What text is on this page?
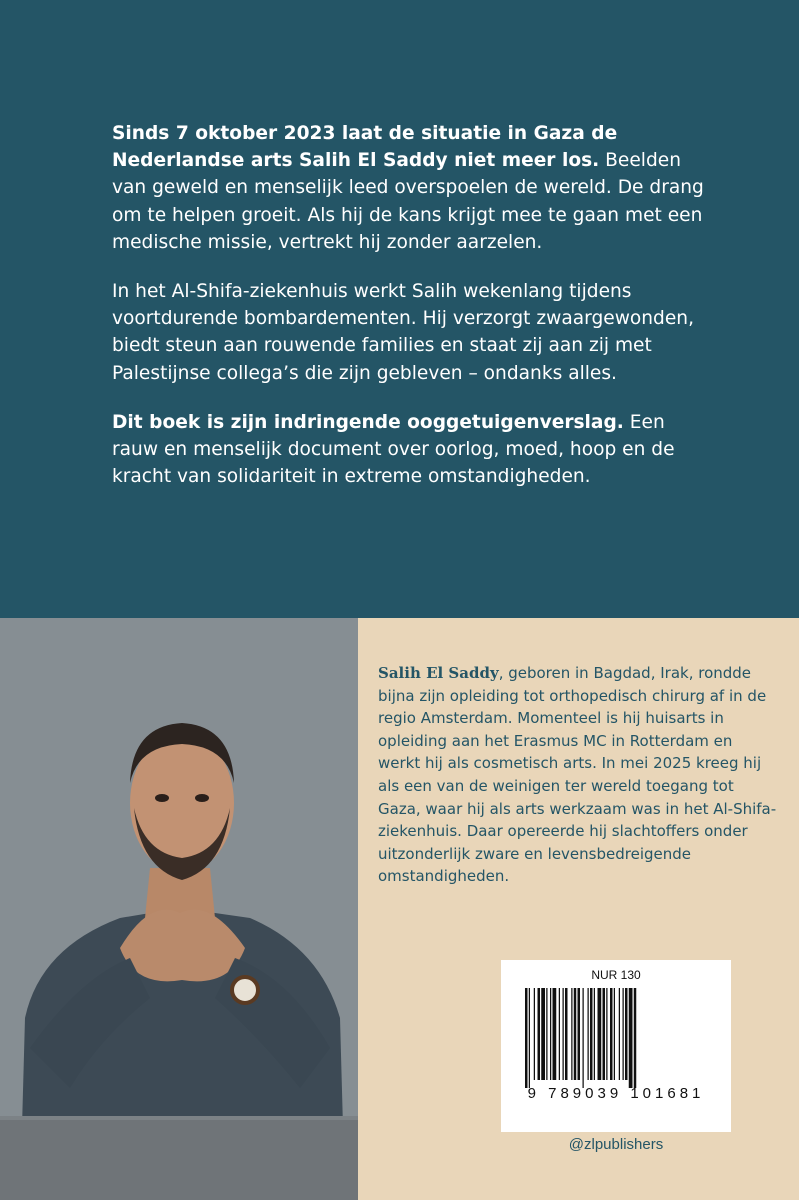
Sinds 7 oktober 2023 laat de situatie in Gaza de Nederlandse arts Salih El Saddy niet meer los. Beelden van geweld en menselijk leed overspoelen de wereld. De drang om te helpen groeit. Als hij de kans krijgt mee te gaan met een medische missie, vertrekt hij zonder aarzelen.

In het Al-Shifa-ziekenhuis werkt Salih wekenlang tijdens voortdurende bombardementen. Hij verzorgt zwaargewonden, biedt steun aan rouwende families en staat zij aan zij met Palestijnse collega’s die zijn gebleven – ondanks alles.

Dit boek is zijn indringende ooggetuigenverslag. Een rauw en menselijk document over oorlog, moed, hoop en de kracht van solidariteit in extreme omstandigheden.

Salih El Saddy, geboren in Bagdad, Irak, rondde bijna zijn opleiding tot orthopedisch chirurg af in de regio Amsterdam. Momenteel is hij huisarts in opleiding aan het Erasmus MC in Rotterdam en werkt hij als cosmetisch arts. In mei 2025 kreeg hij als een van de weinigen ter wereld toegang tot Gaza, waar hij als arts werkzaam was in het Al-Shifa-ziekenhuis. Daar opereerde hij slachtoffers onder uitzonderlijk zware en levensbedreigende omstandigheden.

NUR 130
9 789039 101681
@zlpublishers
